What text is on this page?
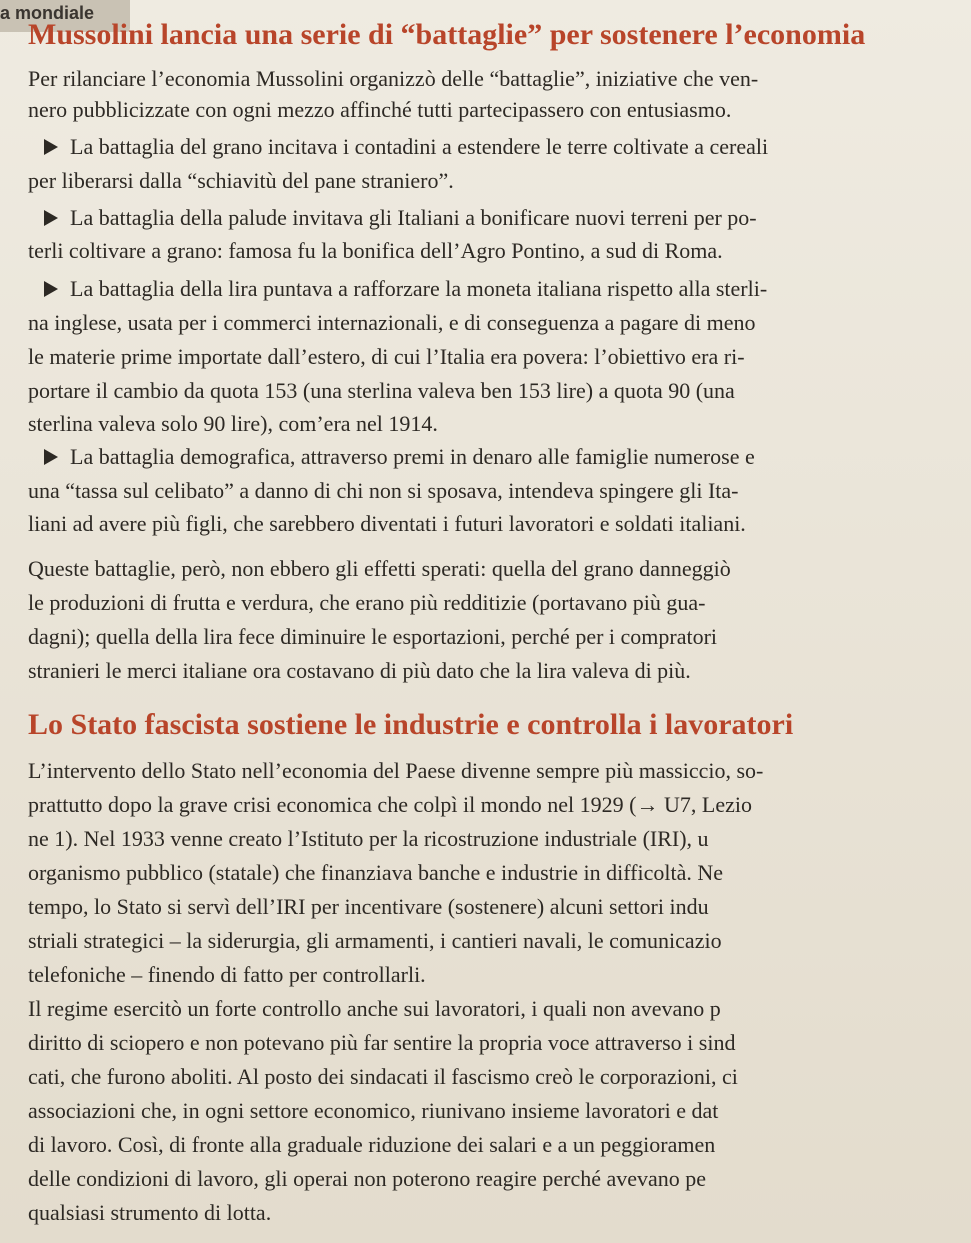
a mondiale
Mussolini lancia una serie di “battaglie” per sostenere l’economia

Per rilanciare l’economia Mussolini organizzò delle “battaglie”, iniziative che ven-

nero pubblicizzate con ogni mezzo affinché tutti partecipassero con entusiasmo.

La battaglia del grano incitava i contadini a estendere le terre coltivate a cereali

per liberarsi dalla “schiavitù del pane straniero”.

La battaglia della palude invitava gli Italiani a bonificare nuovi terreni per po-

terli coltivare a grano: famosa fu la bonifica dell’Agro Pontino, a sud di Roma.

La battaglia della lira puntava a rafforzare la moneta italiana rispetto alla sterli-

na inglese, usata per i commerci internazionali, e di conseguenza a pagare di meno

le materie prime importate dall’estero, di cui l’Italia era povera: l’obiettivo era ri-

portare il cambio da quota 153 (una sterlina valeva ben 153 lire) a quota 90 (una

sterlina valeva solo 90 lire), com’era nel 1914.

La battaglia demografica, attraverso premi in denaro alle famiglie numerose e

una “tassa sul celibato” a danno di chi non si sposava, intendeva spingere gli Ita-

liani ad avere più figli, che sarebbero diventati i futuri lavoratori e soldati italiani.

Queste battaglie, però, non ebbero gli effetti sperati: quella del grano danneggiò

le produzioni di frutta e verdura, che erano più redditizie (portavano più gua-

dagni); quella della lira fece diminuire le esportazioni, perché per i compratori

stranieri le merci italiane ora costavano di più dato che la lira valeva di più.

Lo Stato fascista sostiene le industrie e controlla i lavoratori

L’intervento dello Stato nell’economia del Paese divenne sempre più massiccio, so-

prattutto dopo la grave crisi economica che colpì il mondo nel 1929 (→ U7, Lezio

ne 1). Nel 1933 venne creato l’Istituto per la ricostruzione industriale (IRI), u

organismo pubblico (statale) che finanziava banche e industrie in difficoltà. Ne

tempo, lo Stato si servì dell’IRI per incentivare (sostenere) alcuni settori indu

striali strategici – la siderurgia, gli armamenti, i cantieri navali, le comunicazio

telefoniche – finendo di fatto per controllarli.

Il regime esercitò un forte controllo anche sui lavoratori, i quali non avevano p

diritto di sciopero e non potevano più far sentire la propria voce attraverso i sind

cati, che furono aboliti. Al posto dei sindacati il fascismo creò le corporazioni, ci

associazioni che, in ogni settore economico, riunivano insieme lavoratori e dat

di lavoro. Così, di fronte alla graduale riduzione dei salari e a un peggioramen

delle condizioni di lavoro, gli operai non poterono reagire perché avevano pe

qualsiasi strumento di lotta.
